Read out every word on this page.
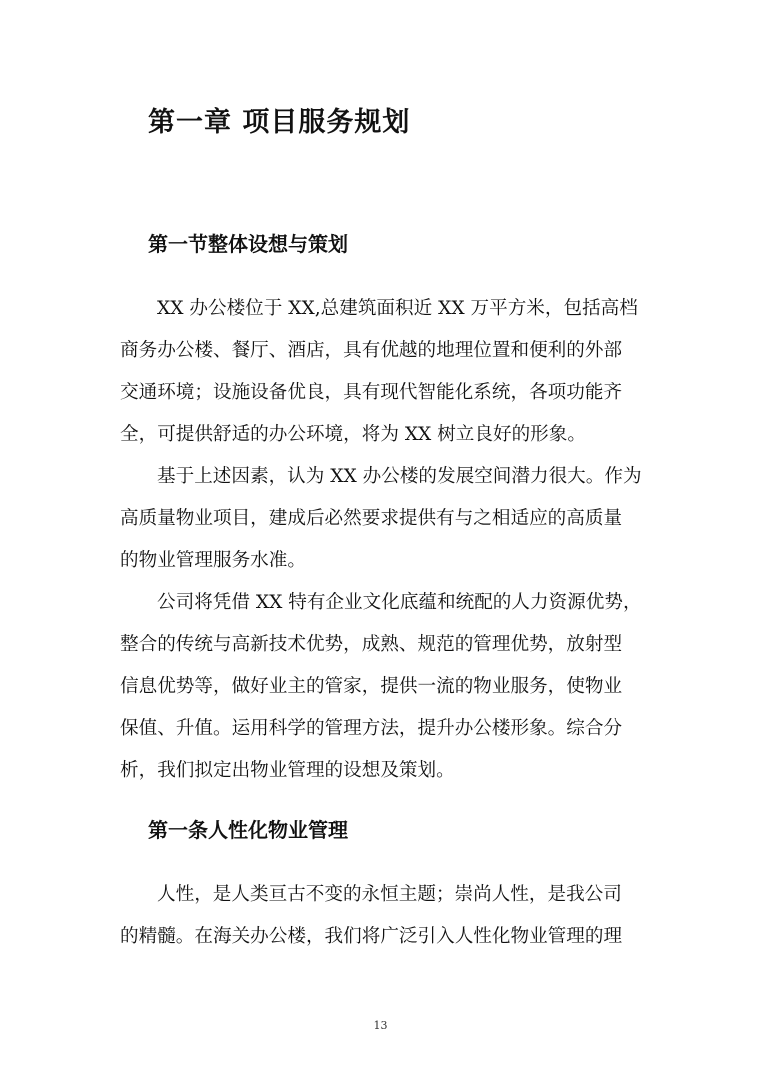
第一章 项目服务规划
第一节整体设想与策划

XX 办公楼位于 XX,总建筑面积近 XX 万平方米，包括高档
商务办公楼、餐厅、酒店，具有优越的地理位置和便利的外部
交通环境；设施设备优良，具有现代智能化系统，各项功能齐
全，可提供舒适的办公环境，将为 XX 树立良好的形象。

基于上述因素，认为 XX 办公楼的发展空间潜力很大。作为
高质量物业项目，建成后必然要求提供有与之相适应的高质量
的物业管理服务水准。

公司将凭借 XX 特有企业文化底蕴和统配的人力资源优势，
整合的传统与高新技术优势，成熟、规范的管理优势，放射型
信息优势等，做好业主的管家，提供一流的物业服务，使物业
保值、升值。运用科学的管理方法，提升办公楼形象。综合分
析，我们拟定出物业管理的设想及策划。

第一条人性化物业管理

人性，是人类亘古不变的永恒主题；崇尚人性，是我公司
的精髓。在海关办公楼，我们将广泛引入人性化物业管理的理

13
